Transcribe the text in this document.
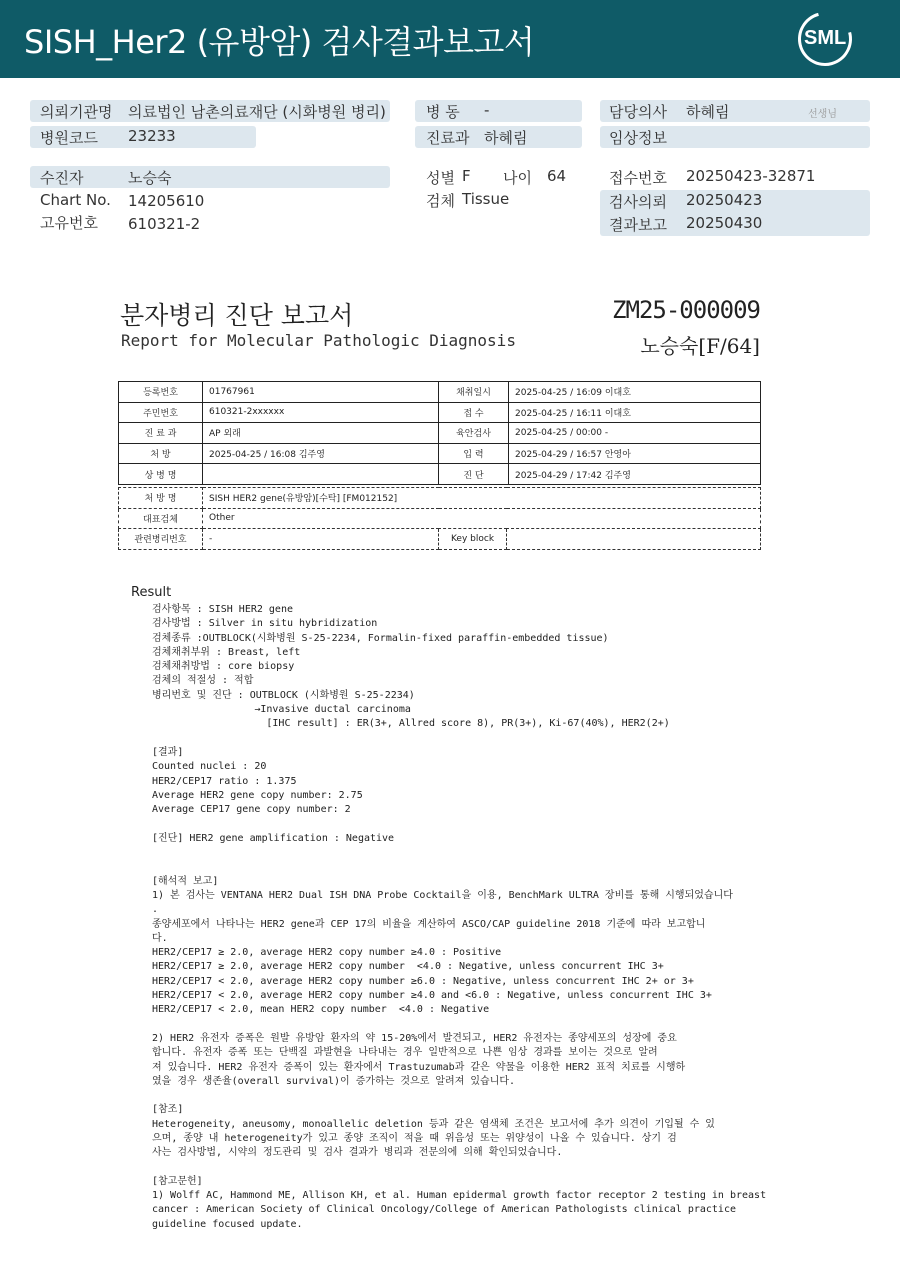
SISH_Her2 (유방암) 검사결과보고서	SML
의뢰기관명 의료법인 남촌의료재단 (시화병원 병리)
병원코드 23233
병 동 -
진료과 하혜림
담당의사 하혜림	선생님
임상정보
수진자	노승숙
Chart No. 14205610
고유번호 610321-2
성별 F 나이 64
검체 Tissue
접수번호 20250423-32871
검사의뢰 20250423
결과보고 20250430
분자병리 진단 보고서
Report for Molecular Pathologic Diagnosis
ZM25-000009
노승숙[F/64]
등록번호	01767961	채취일시	2025-04-25 / 16:09 이대호
주민번호	610321-2xxxxxx	접 수	2025-04-25 / 16:11 이대호
진 료 과	AP 외래	육안검사	2025-04-25 / 00:00 -
처 방	2025-04-25 / 16:08 김주영	입 력	2025-04-29 / 16:57 안영아
상 병 명		진 단	2025-04-29 / 17:42 김주영
처 방 명	SISH HER2 gene(유방암)[수탁] [FM012152]		
대표검체	Other		
관련병리번호	-	Key block	
Result
검사항목 : SISH HER2 gene
검사방법 : Silver in situ hybridization
검체종류 :OUTBLOCK(시화병원 S-25-2234, Formalin-fixed paraffin-embedded tissue)
검체채취부위 : Breast, left
검체채취방법 : core biopsy
검체의 적절성 : 적합
병리번호 및 진단 : OUTBLOCK (시화병원 S-25-2234)
→Invasive ductal carcinoma
[IHC result] : ER(3+, Allred score 8), PR(3+), Ki-67(40%), HER2(2+)
[결과]
Counted nuclei : 20
HER2/CEP17 ratio : 1.375
Average HER2 gene copy number: 2.75
Average CEP17 gene copy number: 2
[진단] HER2 gene amplification : Negative
[해석적 보고]
1) 본 검사는 VENTANA HER2 Dual ISH DNA Probe Cocktail을 이용, BenchMark ULTRA 장비를 통해 시행되었습니다
.
종양세포에서 나타나는 HER2 gene과 CEP 17의 비율을 계산하여 ASCO/CAP guideline 2018 기준에 따라 보고합니
다.
HER2/CEP17 ≥ 2.0, average HER2 copy number ≥4.0 : Positive
HER2/CEP17 ≥ 2.0, average HER2 copy number  <4.0 : Negative, unless concurrent IHC 3+
HER2/CEP17 < 2.0, average HER2 copy number ≥6.0 : Negative, unless concurrent IHC 2+ or 3+
HER2/CEP17 < 2.0, average HER2 copy number ≥4.0 and <6.0 : Negative, unless concurrent IHC 3+
HER2/CEP17 < 2.0, mean HER2 copy number  <4.0 : Negative
2) HER2 유전자 증폭은 원발 유방암 환자의 약 15-20%에서 발견되고, HER2 유전자는 종양세포의 성장에 중요
합니다. 유전자 증폭 또는 단백질 과발현을 나타내는 경우 일반적으로 나쁜 임상 경과를 보이는 것으로 알려
져 있습니다. HER2 유전자 증폭이 있는 환자에서 Trastuzumab과 같은 약물을 이용한 HER2 표적 치료를 시행하
였을 경우 생존율(overall survival)이 증가하는 것으로 알려져 있습니다.
[참조]
Heterogeneity, aneusomy, monoallelic deletion 등과 같은 염색체 조건은 보고서에 추가 의견이 기입될 수 있
으며, 종양 내 heterogeneity가 있고 종양 조직이 적을 때 위음성 또는 위양성이 나올 수 있습니다. 상기 검
사는 검사방법, 시약의 정도관리 및 검사 결과가 병리과 전문의에 의해 확인되었습니다.
[참고문헌]
1) Wolff AC, Hammond ME, Allison KH, et al. Human epidermal growth factor receptor 2 testing in breast
cancer : American Society of Clinical Oncology/College of American Pathologists clinical practice
guideline focused update.
